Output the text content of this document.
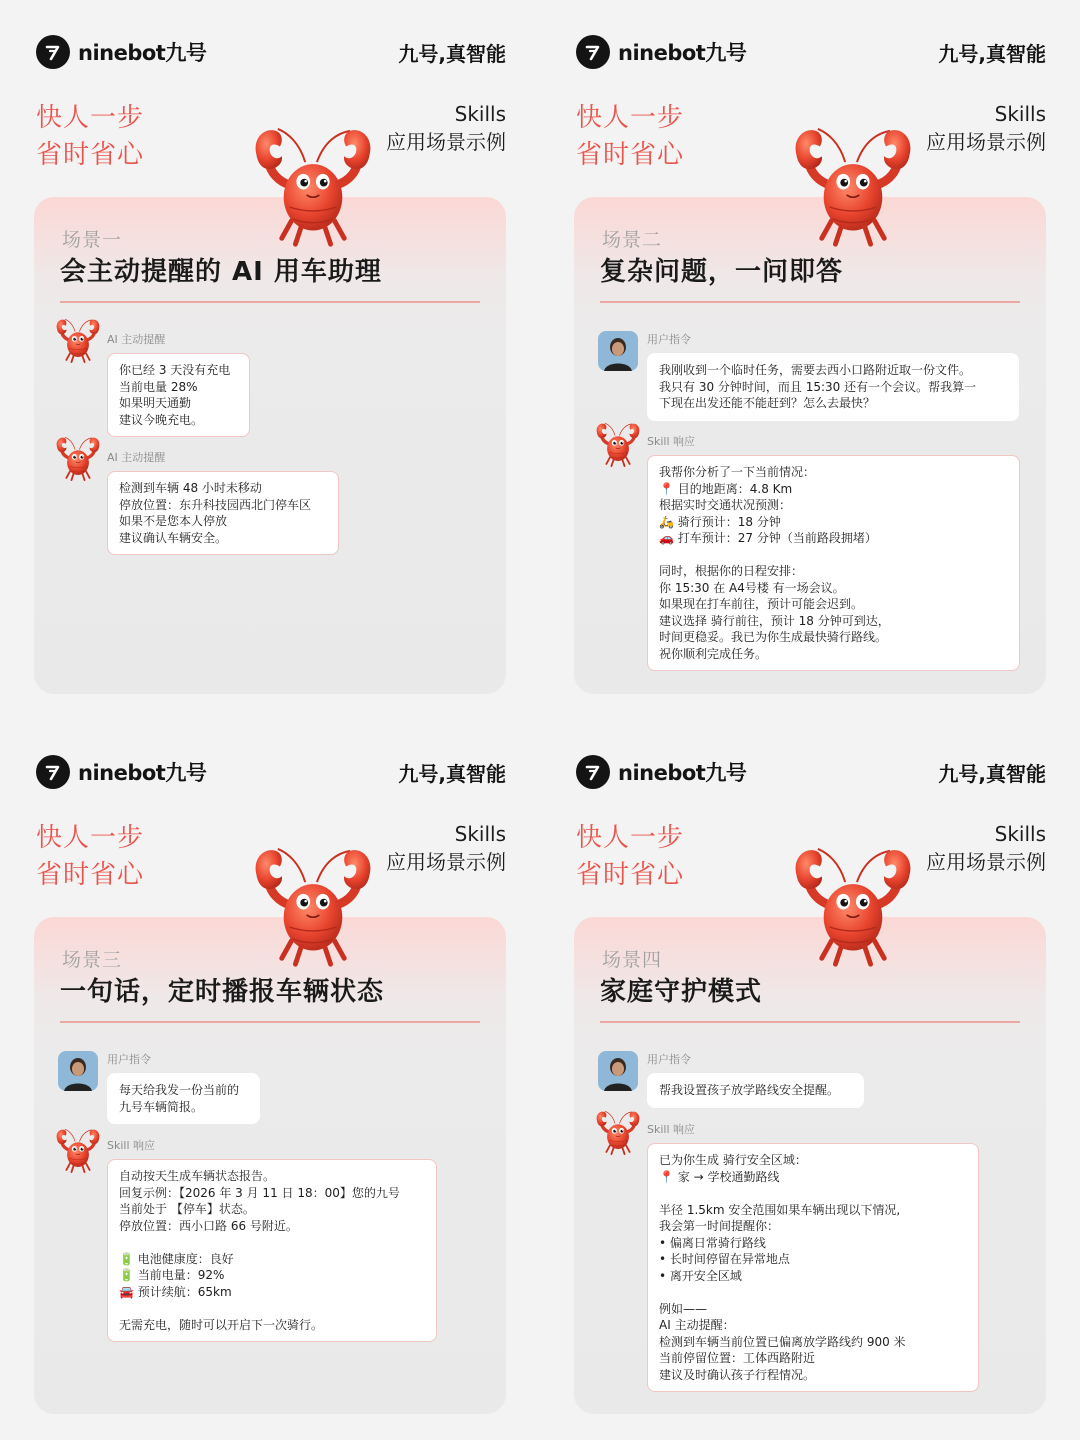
ninebot九号	九号,真智能
快人一步
省时省心
Skills
应用场景示例
场景一
会主动提醒的 AI 用车助理
AI 主动提醒
你已经 3 天没有充电
当前电量 28%
如果明天通勤
建议今晚充电。
AI 主动提醒
检测到车辆 48 小时未移动
停放位置：东升科技园西北门停车区
如果不是您本人停放
建议确认车辆安全。
ninebot九号	九号,真智能
快人一步
省时省心
Skills
应用场景示例
场景二
复杂问题，一问即答
用户指令
我刚收到一个临时任务，需要去西小口路附近取一份文件。
我只有 30 分钟时间，而且 15:30 还有一个会议。帮我算一
下现在出发还能不能赶到？怎么去最快？
Skill 响应
我帮你分析了一下当前情况：
📍 目的地距离：4.8 Km
根据实时交通状况预测：
🛵 骑行预计：18 分钟
🚗 打车预计：27 分钟（当前路段拥堵）

同时，根据你的日程安排：
你 15:30 在 A4号楼 有一场会议。
如果现在打车前往，预计可能会迟到。
建议选择 骑行前往，预计 18 分钟可到达，
时间更稳妥。我已为你生成最快骑行路线。
祝你顺利完成任务。
ninebot九号	九号,真智能
快人一步
省时省心
Skills
应用场景示例
场景三
一句话，定时播报车辆状态
用户指令
每天给我发一份当前的
九号车辆简报。
Skill 响应
自动按天生成车辆状态报告。
回复示例：【2026 年 3 月 11 日 18：00】您的九号
当前处于 【停车】状态。
停放位置：西小口路 66 号附近。

🔋 电池健康度：良好
🔋 当前电量：92%
🚘 预计续航：65km

无需充电，随时可以开启下一次骑行。
ninebot九号	九号,真智能
快人一步
省时省心
Skills
应用场景示例
场景四
家庭守护模式
用户指令
帮我设置孩子放学路线安全提醒。
Skill 响应
已为你生成 骑行安全区域：
📍 家 → 学校通勤路线

半径 1.5km 安全范围如果车辆出现以下情况,
我会第一时间提醒你：
• 偏离日常骑行路线
• 长时间停留在异常地点
• 离开安全区域

例如——
AI 主动提醒：
检测到车辆当前位置已偏离放学路线约 900 米
当前停留位置：工体西路附近
建议及时确认孩子行程情况。
